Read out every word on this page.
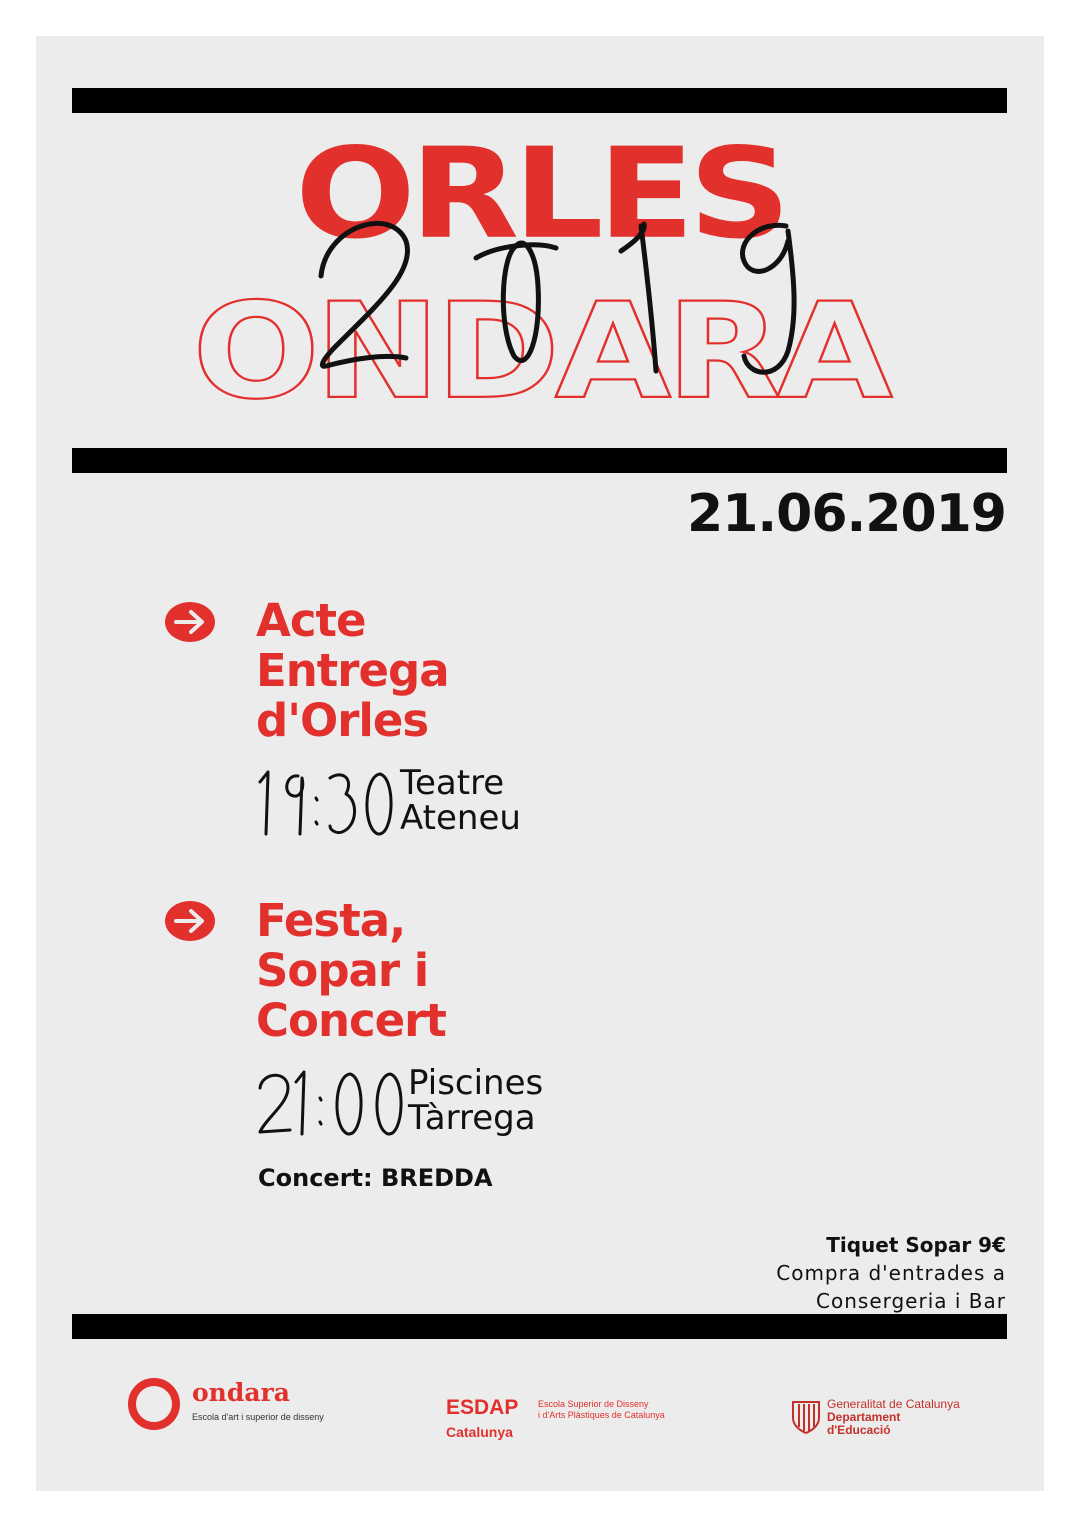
ORLES
ONDARA
21.06.2019
Acte
Entrega
d'Orles
Teatre
Ateneu
Festa,
Sopar i
Concert
Piscines
Tàrrega
Concert: BREDDA
Tiquet Sopar 9€
Compra d'entrades a
Consergeria i Bar
ondara
Escola d'art i superior de disseny	ESDAP
Catalunya
Escola Superior de Disseny
i d'Arts Plàstiques de Catalunya
Generalitat de Catalunya
Departament
d'Educació
